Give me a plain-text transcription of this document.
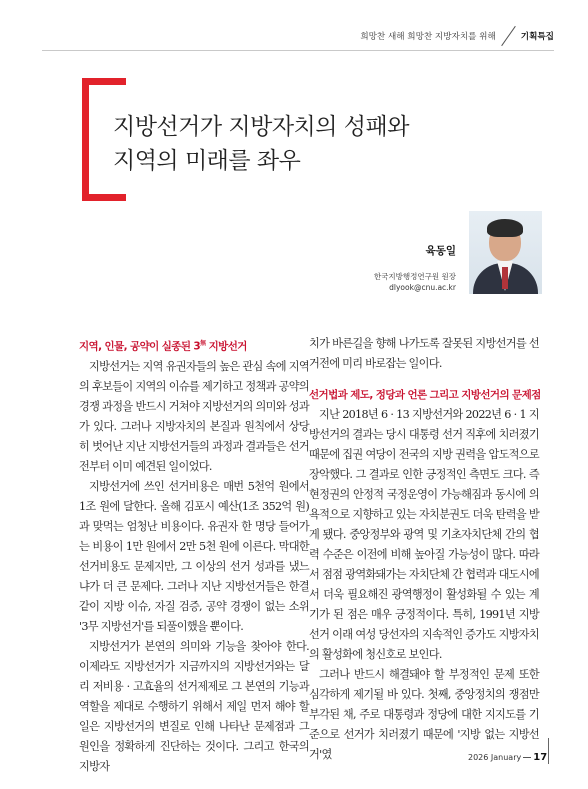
희망찬 새해 희망찬 지방자치를 위해	기획특집
지방선거가 지방자치의 성패와
지역의 미래를 좌우
육동일
한국지방행정연구원 원장
dlyook@cnu.ac.kr
지역, 인물, 공약이 실종된 $3^無$ 지방선거

지방선거는 지역 유권자들의 높은 관심 속에 지역의 후보들이 지역의 이슈를 제기하고 정책과 공약의 경쟁 과정을 반드시 거쳐야 지방선거의 의미와 성과가 있다. 그러나 지방자치의 본질과 원칙에서 상당히 벗어난 지난 지방선거들의 과정과 결과들은 선거전부터 이미 예견된 일이었다.

지방선거에 쓰인 선거비용은 매번 5천억 원에서 1조 원에 달한다. 올해 김포시 예산(1조 352억 원)과 맞먹는 엄청난 비용이다. 유권자 한 명당 들어가는 비용이 1만 원에서 2만 5천 원에 이른다. 막대한 선거비용도 문제지만, 그 이상의 선거 성과를 냈느냐가 더 큰 문제다. 그러나 지난 지방선거들은 한결같이 지방 이슈, 자질 검증, 공약 경쟁이 없는 소위 '3무 지방선거'를 되풀이했을 뿐이다.

지방선거가 본연의 의미와 기능을 찾아야 한다. 이제라도 지방선거가 지금까지의 지방선거와는 달리 저비용 · 고효율의 선거제제로 그 본연의 기능과 역할을 제대로 수행하기 위해서 제일 먼저 해야 할 일은 지방선거의 변질로 인해 나타난 문제점과 그 원인을 정확하게 진단하는 것이다. 그리고 한국의 지방자

치가 바른길을 향해 나가도록 잘못된 지방선거를 선거전에 미리 바로잡는 일이다.

선거법과 제도, 정당과 언론 그리고 지방선거의 문제점

지난 2018년 6 · 13 지방선거와 2022년 6 · 1 지방선거의 결과는 당시 대통령 선거 직후에 치러졌기 때문에 집권 여당이 전국의 지방 권력을 압도적으로 장악했다. 그 결과로 인한 긍정적인 측면도 크다. 즉 현정권의 안정적 국정운영이 가능해짐과 동시에 의욕적으로 지향하고 있는 자치분권도 더욱 탄력을 받게 됐다. 중앙정부와 광역 및 기초자치단체 간의 협력 수준은 이전에 비해 높아질 가능성이 많다. 따라서 점점 광역화돼가는 자치단체 간 협력과 대도시에서 더욱 필요해진 광역행정이 활성화될 수 있는 계기가 된 점은 매우 긍정적이다. 특히, 1991년 지방선거 이래 여성 당선자의 지속적인 증가도 지방자치의 활성화에 청신호로 보인다.

그러나 반드시 해결돼야 할 부정적인 문제 또한 심각하게 제기될 바 있다. 첫째, 중앙정치의 쟁점만 부각된 채, 주로 대통령과 정당에 대한 지지도를 기준으로 선거가 치러졌기 때문에 '지방 없는 지방선거'였	2026 January 17
